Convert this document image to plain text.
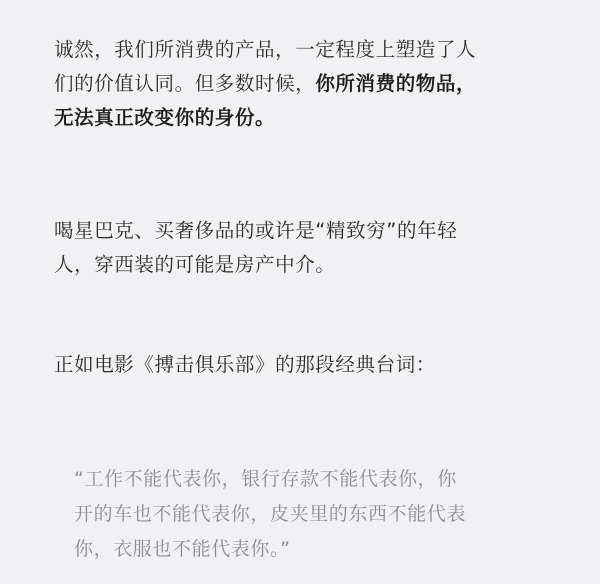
诚然，我们所消费的产品，一定程度上塑造了人
们的价值认同。但多数时候，你所消费的物品，
无法真正改变你的身份。

喝星巴克、买奢侈品的或许是“精致穷”的年轻
人，穿西装的可能是房产中介。

正如电影《搏击俱乐部》的那段经典台词：

“工作不能代表你，银行存款不能代表你，你
开的车也不能代表你，皮夹里的东西不能代表
你，衣服也不能代表你。”
